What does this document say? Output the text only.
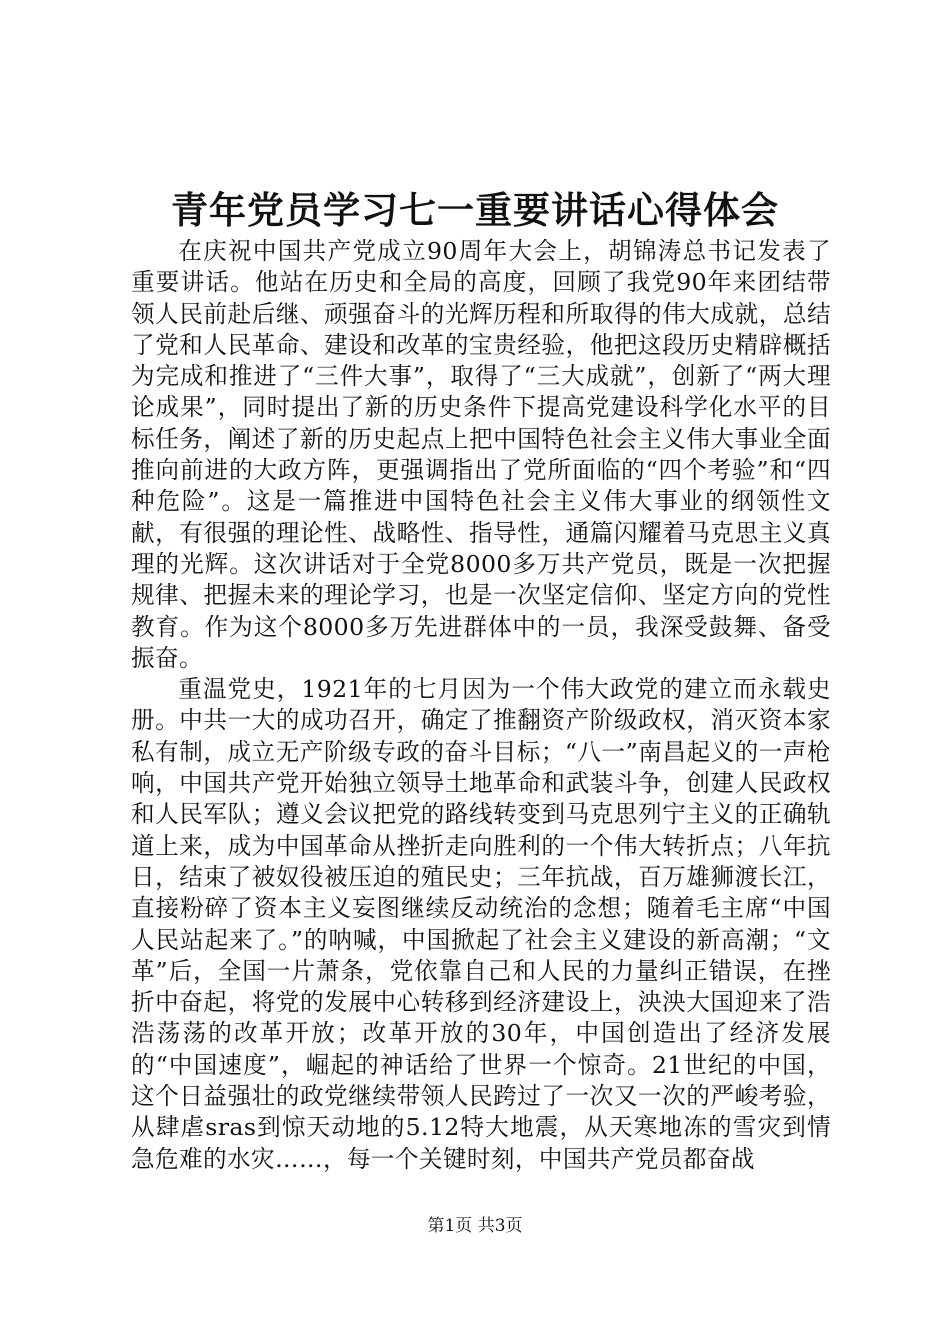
青年党员学习七一重要讲话心得体会

在庆祝中国共产党成立90周年大会上，胡锦涛总书记发表了重要讲话。他站在历史和全局的高度，回顾了我党90年来团结带领人民前赴后继、顽强奋斗的光辉历程和所取得的伟大成就，总结了党和人民革命、建设和改革的宝贵经验，他把这段历史精辟概括为完成和推进了“三件大事”，取得了“三大成就”，创新了“两大理论成果”，同时提出了新的历史条件下提高党建设科学化水平的目标任务，阐述了新的历史起点上把中国特色社会主义伟大事业全面推向前进的大政方阵，更强调指出了党所面临的“四个考验”和“四种危险”。这是一篇推进中国特色社会主义伟大事业的纲领性文献，有很强的理论性、战略性、指导性，通篇闪耀着马克思主义真理的光辉。这次讲话对于全党8000多万共产党员，既是一次把握规律、把握未来的理论学习，也是一次坚定信仰、坚定方向的党性教育。作为这个8000多万先进群体中的一员，我深受鼓舞、备受振奋。

重温党史，1921年的七月因为一个伟大政党的建立而永载史册。中共一大的成功召开，确定了推翻资产阶级政权，消灭资本家私有制，成立无产阶级专政的奋斗目标；“八一”南昌起义的一声枪响，中国共产党开始独立领导土地革命和武装斗争，创建人民政权和人民军队；遵义会议把党的路线转变到马克思列宁主义的正确轨道上来，成为中国革命从挫折走向胜利的一个伟大转折点；八年抗日，结束了被奴役被压迫的殖民史；三年抗战，百万雄狮渡长江，直接粉碎了资本主义妄图继续反动统治的念想；随着毛主席“中国人民站起来了。”的呐喊，中国掀起了社会主义建设的新高潮；“文革”后，全国一片萧条，党依靠自己和人民的力量纠正错误，在挫折中奋起，将党的发展中心转移到经济建设上，泱泱大国迎来了浩浩荡荡的改革开放；改革开放的30年，中国创造出了经济发展的“中国速度”，崛起的神话给了世界一个惊奇。21世纪的中国，这个日益强壮的政党继续带领人民跨过了一次又一次的严峻考验，从肆虐sras到惊天动地的5.12特大地震，从天寒地冻的雪灾到情急危难的水灾……，每一个关键时刻，中国共产党员都奋战

第1页 共3页
